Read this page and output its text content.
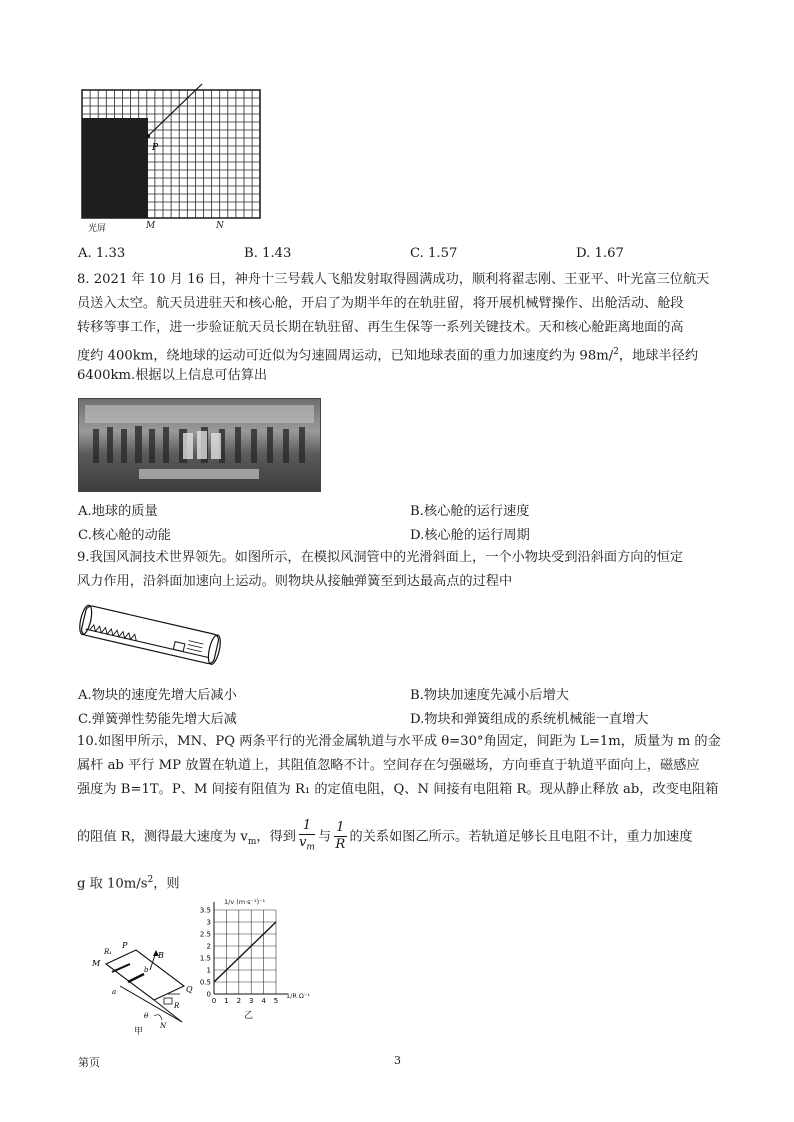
P
光屏	M	N
A. 1.33	B. 1.43	C. 1.57	D. 1.67
8. 2021 年 10 月 16 日，神舟十三号载人飞船发射取得圆满成功，顺利将翟志刚、王亚平、叶光富三位航天
员送入太空。航天员进驻天和核心舱，开启了为期半年的在轨驻留，将开展机械臂操作、出舱活动、舱段
转移等事工作，进一步验证航天员长期在轨驻留、再生生保等一系列关键技术。天和核心舱距离地面的高
度约 400km，绕地球的运动可近似为匀速圆周运动，已知地球表面的重力加速度约为 98m/$^2$，地球半径约
6400km.根据以上信息可估算出
A.地球的质量	B.核心舱的运行速度
C.核心舱的动能	D.核心舱的运行周期
9.我国风洞技术世界领先。如图所示，在模拟风洞管中的光滑斜面上，一个小物块受到沿斜面方向的恒定
风力作用，沿斜面加速向上运动。则物块从接触弹簧至到达最高点的过程中
A.物块的速度先增大后减小	B.物块加速度先减小后增大
C.弹簧弹性势能先增大后减	D.物块和弹簧组成的系统机械能一直增大
10.如图甲所示，MN、PQ 两条平行的光滑金属轨道与水平成 θ=30°角固定，间距为 L=1m，质量为 m 的金
属杆 ab 平行 MP 放置在轨道上，其阻值忽略不计。空间存在匀强磁场，方向垂直于轨道平面向上，磁感应
强度为 B=1T。P、M 间接有阻值为 R₁ 的定值电阻，Q、N 间接有电阻箱 R。现从静止释放 ab，改变电阻箱
的阻值 R，测得最大速度为 $v_m$，得到 $\frac{1}{v_m}$ 与 $\frac{1}{R}$ 的关系如图乙所示。若轨道足够长且电阻不计，重力加速度
g 取 $10m/s^2$，则
M
P
R₁
b
B
a
θ
N
Q
R
甲
0 1 2 3 4 5
0
0.5
1
1.5
2
2.5
3
3.5
1/v (m·s⁻¹)⁻¹
1/R Ω⁻¹
乙
第页	3
